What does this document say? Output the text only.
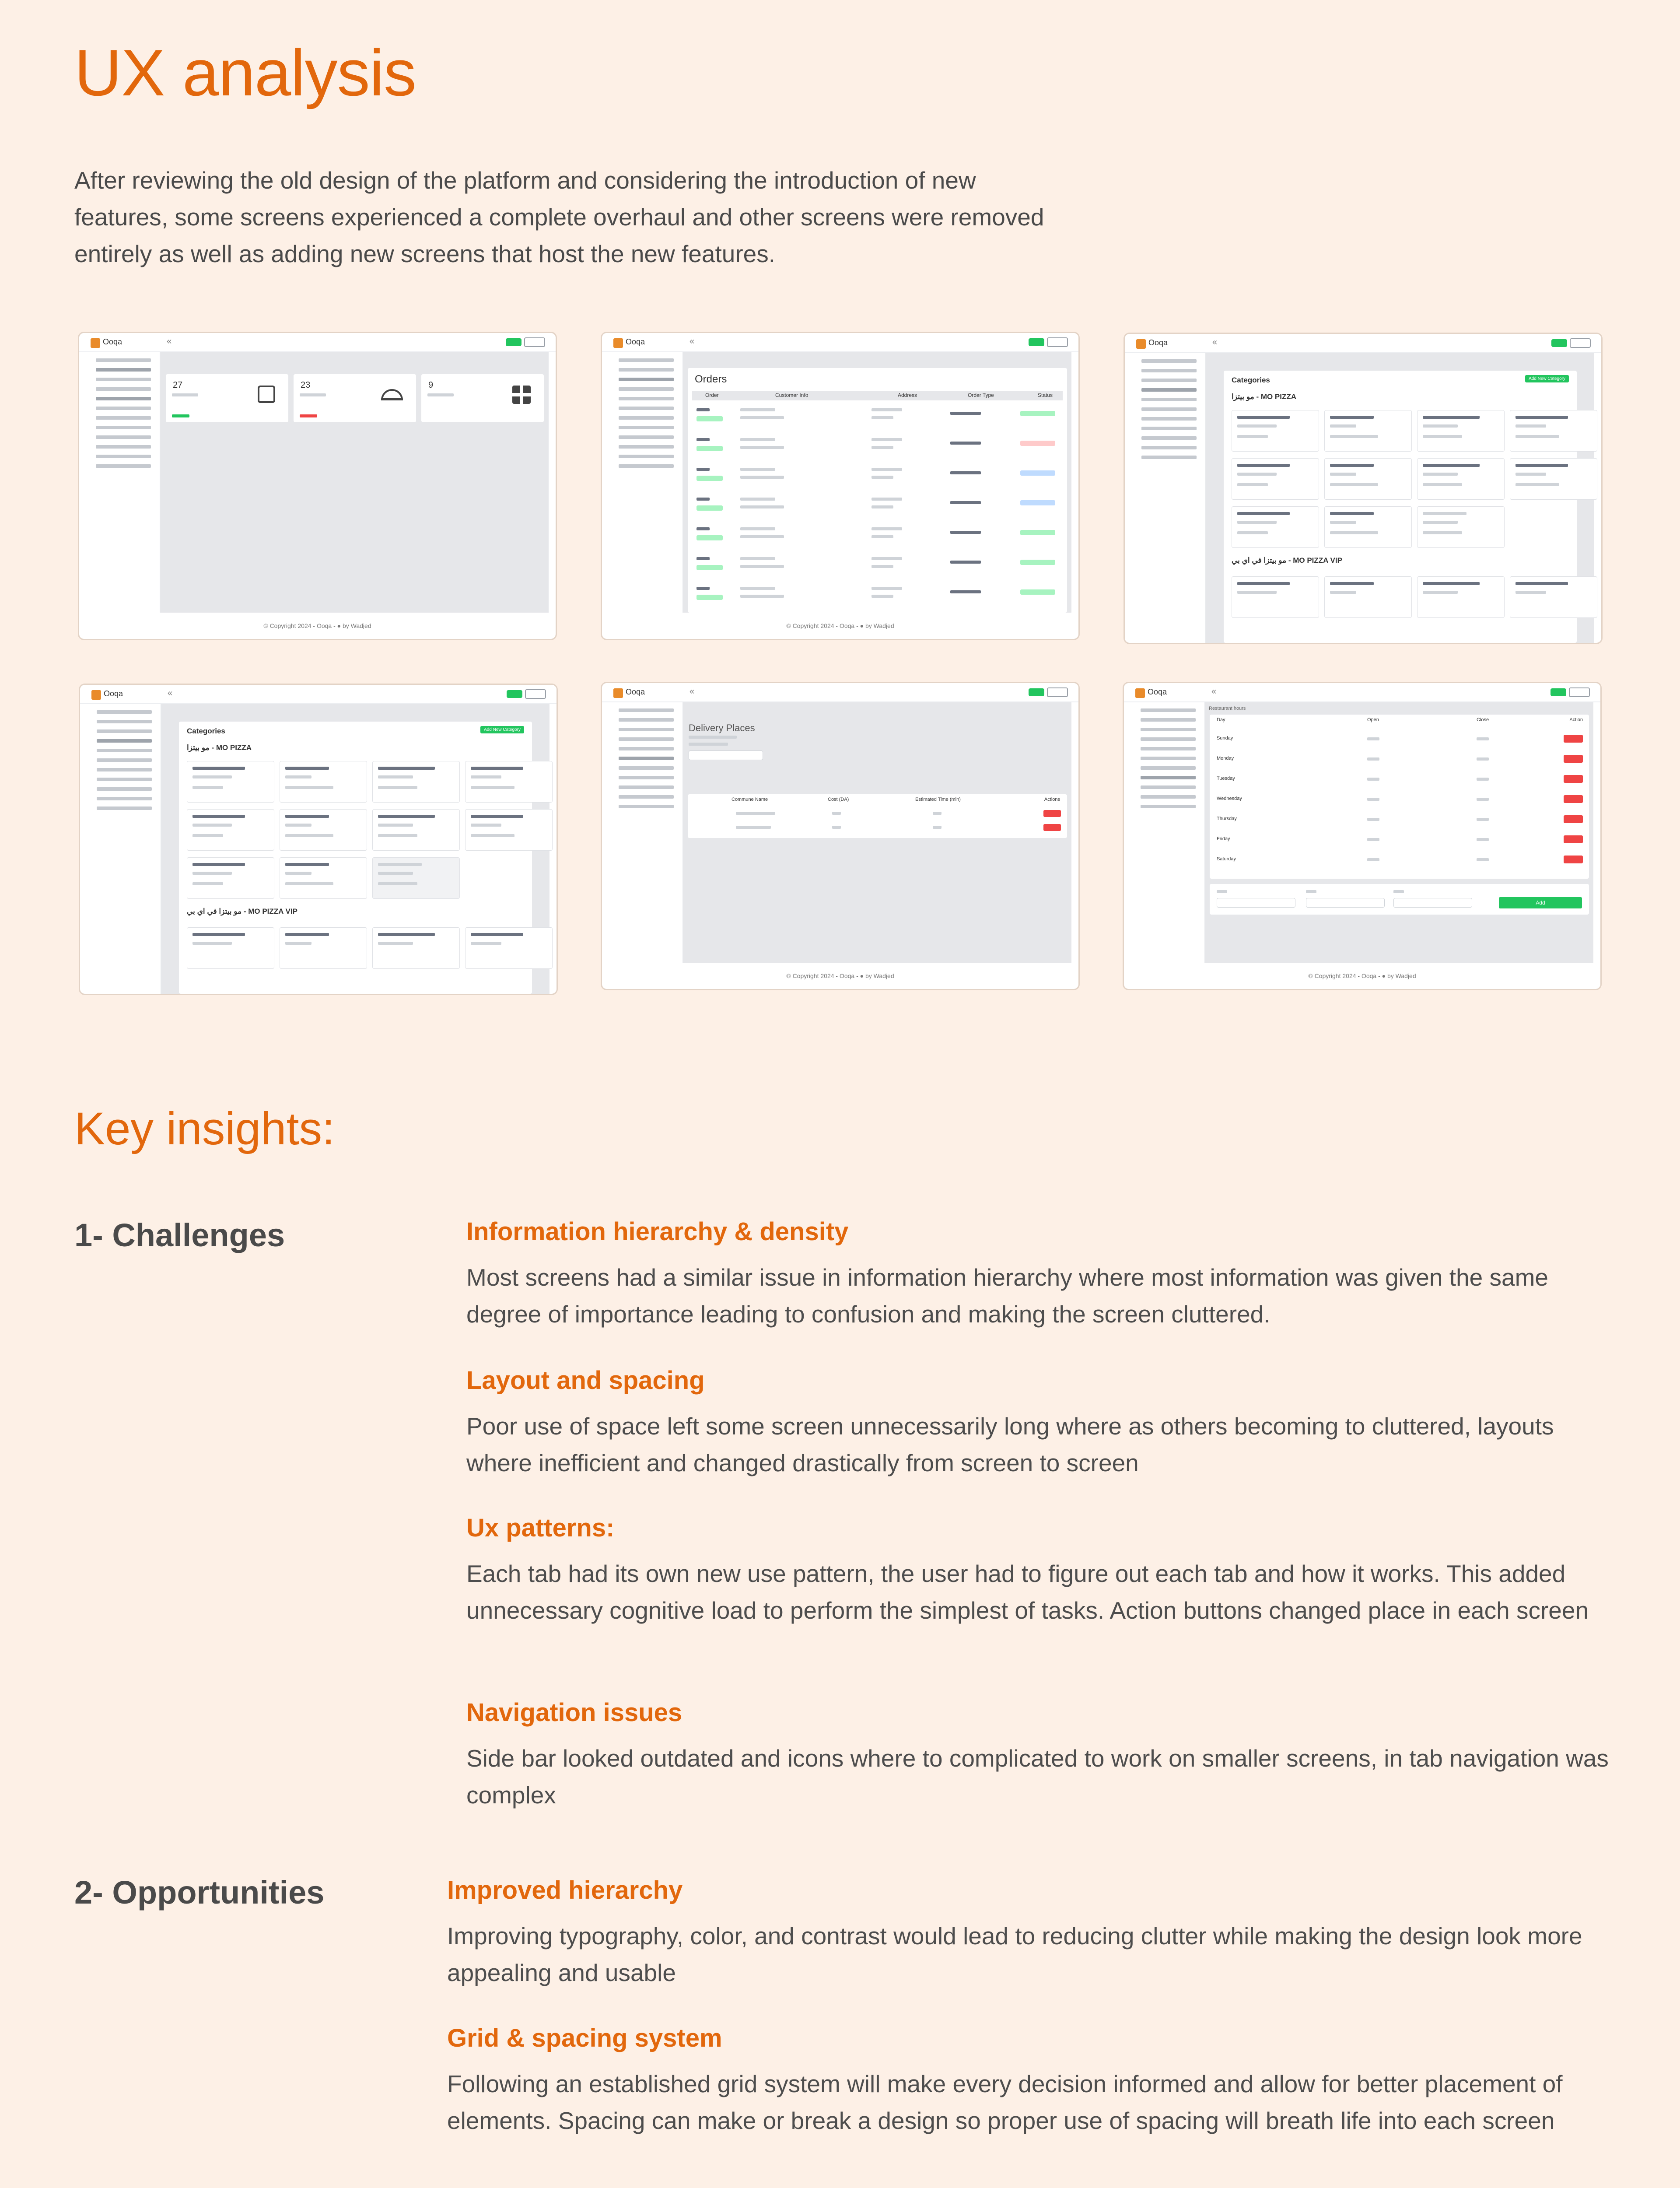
UX analysis

After reviewing the old design of the platform and considering the introduction of new features, some screens experienced a complete overhaul and other screens were removed entirely as well as adding new screens that host the new features.

Ooqa	«
27	23	9
© Copyright 2024 - Ooqa - ● by Wadjed
Ooqa	«
Orders
Order	Customer Info	Address	Order Type	Status
© Copyright 2024 - Ooqa - ● by Wadjed
Ooqa	«
Categories	Add New Category
مو بيتزا - MO PIZZA
مو بيتزا في اي بي - MO PIZZA VIP
Ooqa	«
Categories	Add New Category
مو بيتزا - MO PIZZA
مو بيتزا في اي بي - MO PIZZA VIP
Ooqa	«
Delivery Places
Commune Name	Cost (DA)	Estimated Time (min)	Actions
© Copyright 2024 - Ooqa - ● by Wadjed
Ooqa	«
Restaurant hours
Day	Open	Close	Action
Sunday
Monday
Tuesday
Wednesday
Thursday
Friday
Saturday
Add
© Copyright 2024 - Ooqa - ● by Wadjed
Key insights:
1- Challenges	Information hierarchy & density

Most screens had a similar issue in information hierarchy where most information was given the same degree of importance leading to confusion and making the screen cluttered.

Layout and spacing

Poor use of space left some screen unnecessarily long where as others becoming to cluttered, layouts where inefficient and changed drastically from screen to screen

Ux patterns:

Each tab had its own new use pattern, the user had to figure out each tab and how it works. This added unnecessary cognitive load to perform the simplest of tasks. Action buttons changed place in each screen

Navigation issues

Side bar looked outdated and icons where to complicated to work on smaller screens, in tab navigation was complex

2- Opportunities	Improved hierarchy

Improving typography, color, and contrast would lead to reducing clutter while making the design look more appealing and usable

Grid & spacing system

Following an established grid system will make every decision informed and allow for better placement of elements. Spacing can make or break a design so proper use of spacing will breath life into each screen
